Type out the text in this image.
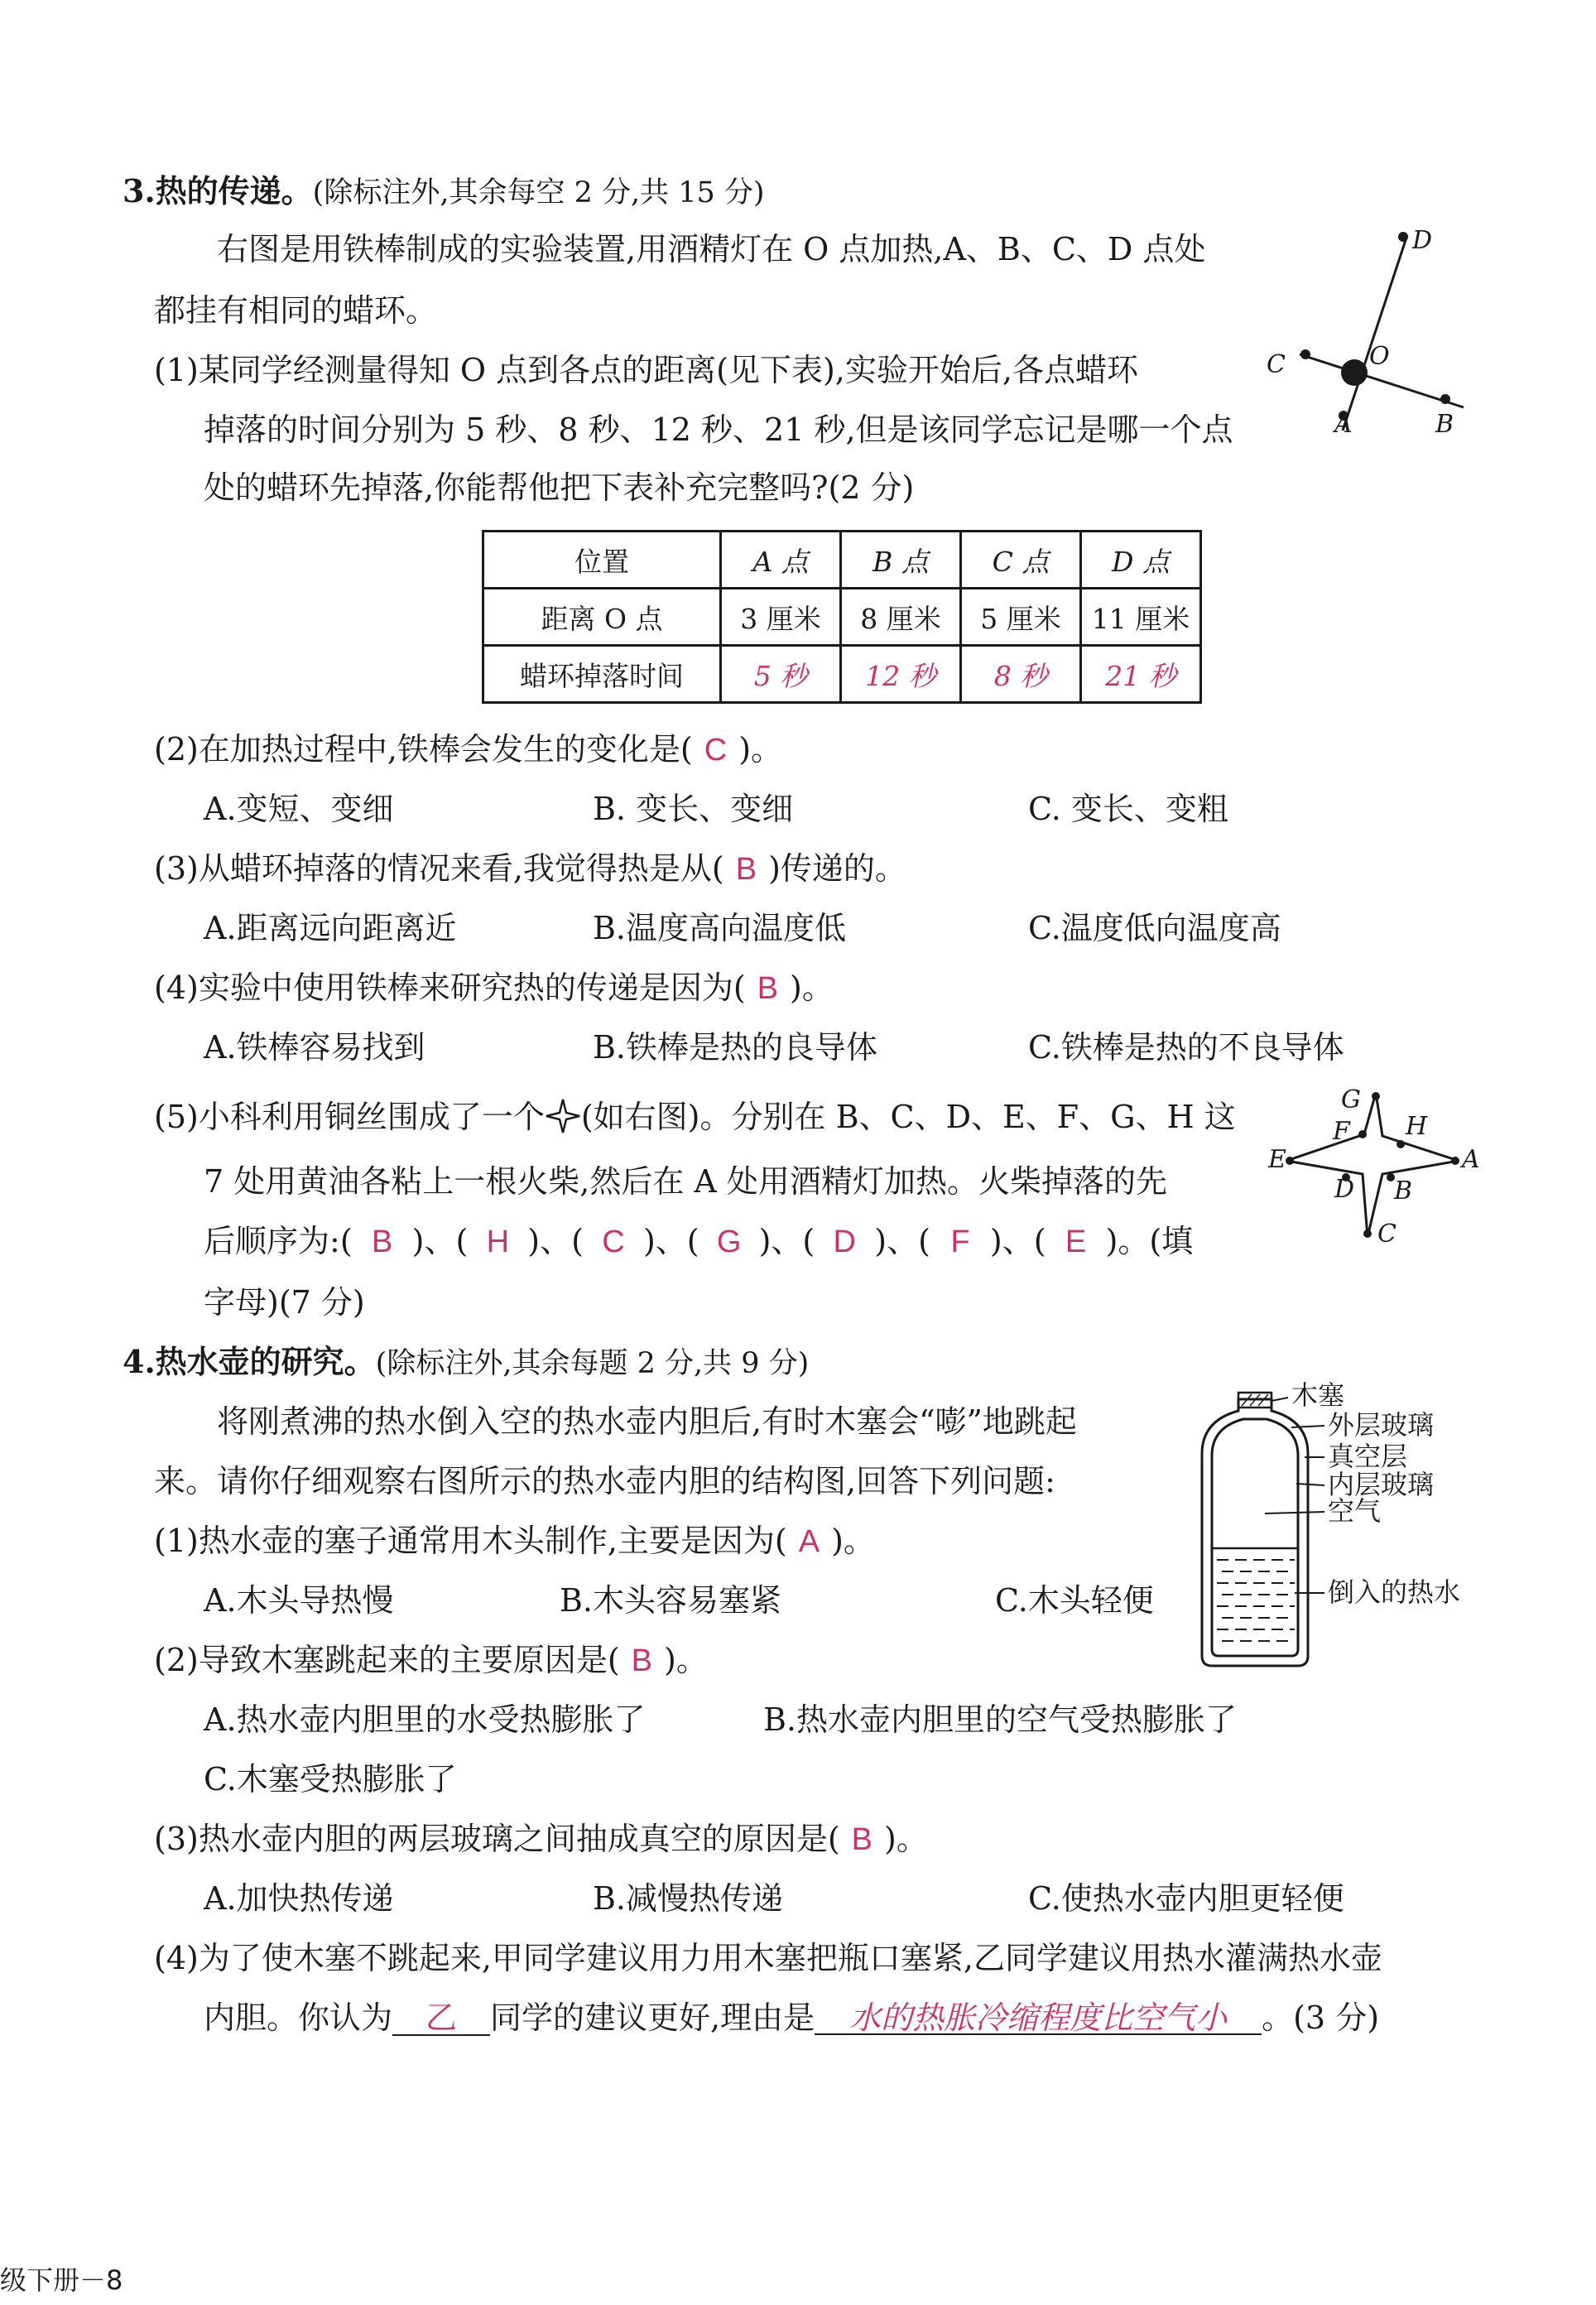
3.热的传递。(除标注外,其余每空 2 分,共 15 分)
右图是用铁棒制成的实验装置,用酒精灯在 O 点加热,A、B、C、D 点处
都挂有相同的蜡环。
(1)某同学经测量得知 O 点到各点的距离(见下表),实验开始后,各点蜡环
掉落的时间分别为 5 秒、8 秒、12 秒、21 秒,但是该同学忘记是哪一个点
处的蜡环先掉落,你能帮他把下表补充完整吗?(2 分)
D
C	O
A	B
位置	A 点	B 点	C 点	D 点
距离 O 点	3 厘米	8 厘米	5 厘米	11 厘米
蜡环掉落时间	5 秒	12 秒	8 秒	21 秒
(2)在加热过程中,铁棒会发生的变化是( C )。
A.变短、变细	B. 变长、变细	C. 变长、变粗
(3)从蜡环掉落的情况来看,我觉得热是从( B )传递的。
A.距离远向距离近	B.温度高向温度低	C.温度低向温度高
(4)实验中使用铁棒来研究热的传递是因为( B )。
A.铁棒容易找到	B.铁棒是热的良导体	C.铁棒是热的不良导体
(5)小科利用铜丝围成了一个 (如右图)。分别在 B、C、D、E、F、G、H 这
7 处用黄油各粘上一根火柴,然后在 A 处用酒精灯加热。火柴掉落的先
后顺序为:( B )、( H )、( C )、( G )、( D )、( F )、( E )。(填
字母)(7 分)
G
F H
E	A
D B
C
4.热水壶的研究。(除标注外,其余每题 2 分,共 9 分)
将刚煮沸的热水倒入空的热水壶内胆后,有时木塞会“嘭”地跳起
来。请你仔细观察右图所示的热水壶内胆的结构图,回答下列问题:
(1)热水壶的塞子通常用木头制作,主要是因为( A )。
A.木头导热慢	B.木头容易塞紧	C.木头轻便
(2)导致木塞跳起来的主要原因是( B )。
A.热水壶内胆里的水受热膨胀了	B.热水壶内胆里的空气受热膨胀了
C.木塞受热膨胀了
(3)热水壶内胆的两层玻璃之间抽成真空的原因是( B )。
A.加快热传递	B.减慢热传递	C.使热水壶内胆更轻便
(4)为了使木塞不跳起来,甲同学建议用力用木塞把瓶口塞紧,乙同学建议用热水灌满热水壶
内胆。你认为 乙 同学的建议更好,理由是 水的热胀冷缩程度比空气小 。(3 分)
木塞
外层玻璃
真空层
内层玻璃
空气
倒入的热水
级下册－8
